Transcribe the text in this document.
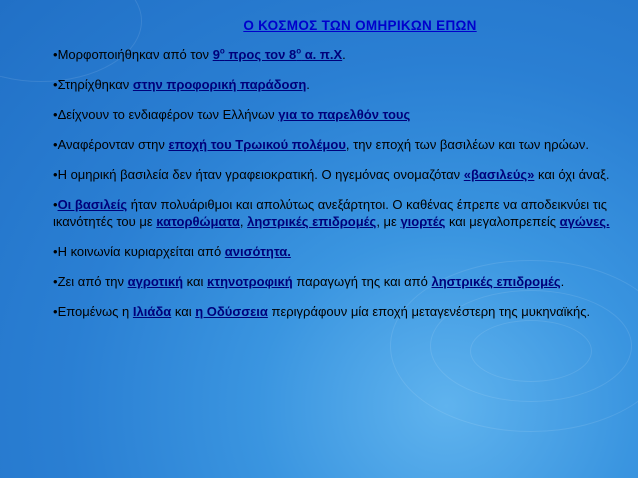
Ο ΚΟΣΜΟΣ ΤΩΝ ΟΜΗΡΙΚΩΝ ΕΠΩΝ
•Μορφοποιήθηκαν από τον $9^o$ προς τον $8^o$ α. π.Χ.
•Στηρίχθηκαν στην προφορική παράδοση.
•Δείχνουν το ενδιαφέρον των Ελλήνων για το παρελθόν τους
•Αναφέρονταν στην εποχή του Τρωικού πολέμου, την εποχή των βασιλέων και των ηρώων.
•Η ομηρική βασιλεία δεν ήταν γραφειοκρατική. Ο ηγεμόνας ονομαζόταν «βασιλεύς» και όχι άναξ.
•Οι βασιλείς ήταν πολυάριθμοι και απολύτως ανεξάρτητοι. Ο καθένας έπρεπε να αποδεικνύει τις ικανότητές του με κατορθώματα, ληστρικές επιδρομές, με γιορτές και μεγαλοπρεπείς αγώνες.
•Η κοινωνία κυριαρχείται από ανισότητα.
•Ζει από την αγροτική και κτηνοτροφική παραγωγή της και από ληστρικές επιδρομές.
•Επομένως η Ιλιάδα και η Οδύσσεια περιγράφουν μία εποχή μεταγενέστερη της μυκηναϊκής.
